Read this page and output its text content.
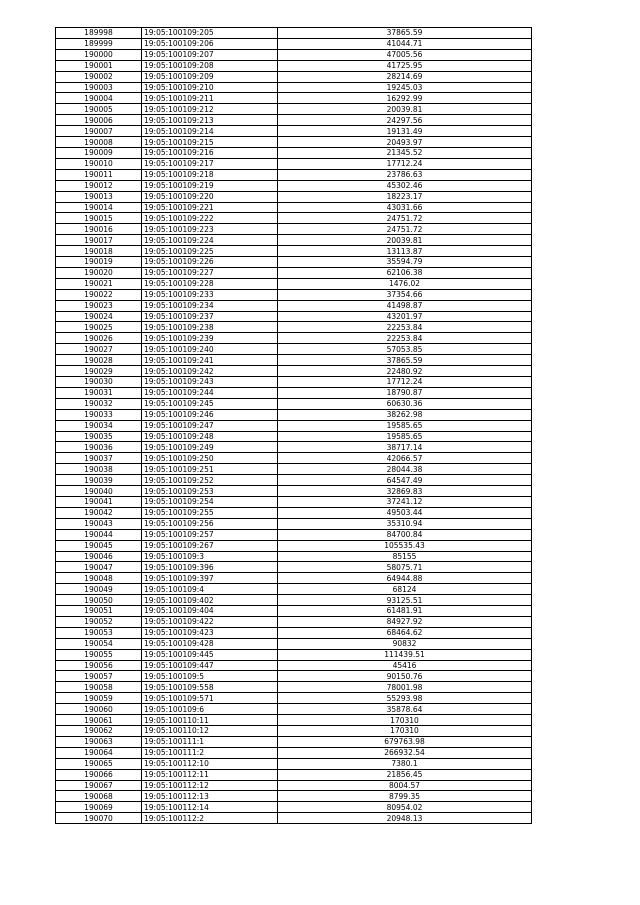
189998	19:05:100109:205	37865.59
189999	19:05:100109:206	41044.71
190000	19:05:100109:207	47005.56
190001	19:05:100109:208	41725.95
190002	19:05:100109:209	28214.69
190003	19:05:100109:210	19245.03
190004	19:05:100109:211	16292.99
190005	19:05:100109:212	20039.81
190006	19:05:100109:213	24297.56
190007	19:05:100109:214	19131.49
190008	19:05:100109:215	20493.97
190009	19:05:100109:216	21345.52
190010	19:05:100109:217	17712.24
190011	19:05:100109:218	23786.63
190012	19:05:100109:219	45302.46
190013	19:05:100109:220	18223.17
190014	19:05:100109:221	43031.66
190015	19:05:100109:222	24751.72
190016	19:05:100109:223	24751.72
190017	19:05:100109:224	20039.81
190018	19:05:100109:225	13113.87
190019	19:05:100109:226	35594.79
190020	19:05:100109:227	62106.38
190021	19:05:100109:228	1476.02
190022	19:05:100109:233	37354.66
190023	19:05:100109:234	41498.87
190024	19:05:100109:237	43201.97
190025	19:05:100109:238	22253.84
190026	19:05:100109:239	22253.84
190027	19:05:100109:240	57053.85
190028	19:05:100109:241	37865.59
190029	19:05:100109:242	22480.92
190030	19:05:100109:243	17712.24
190031	19:05:100109:244	18790.87
190032	19:05:100109:245	60630.36
190033	19:05:100109:246	38262.98
190034	19:05:100109:247	19585.65
190035	19:05:100109:248	19585.65
190036	19:05:100109:249	38717.14
190037	19:05:100109:250	42066.57
190038	19:05:100109:251	28044.38
190039	19:05:100109:252	64547.49
190040	19:05:100109:253	32869.83
190041	19:05:100109:254	37241.12
190042	19:05:100109:255	49503.44
190043	19:05:100109:256	35310.94
190044	19:05:100109:257	84700.84
190045	19:05:100109:267	105535.43
190046	19:05:100109:3	85155
190047	19:05:100109:396	58075.71
190048	19:05:100109:397	64944.88
190049	19:05:100109:4	68124
190050	19:05:100109:402	93125.51
190051	19:05:100109:404	61481.91
190052	19:05:100109:422	84927.92
190053	19:05:100109:423	68464.62
190054	19:05:100109:428	90832
190055	19:05:100109:445	111439.51
190056	19:05:100109:447	45416
190057	19:05:100109:5	90150.76
190058	19:05:100109:558	78001.98
190059	19:05:100109:571	55293.98
190060	19:05:100109:6	35878.64
190061	19:05:100110:11	170310
190062	19:05:100110:12	170310
190063	19:05:100111:1	679763.98
190064	19:05:100111:2	266932.54
190065	19:05:100112:10	7380.1
190066	19:05:100112:11	21856.45
190067	19:05:100112:12	8004.57
190068	19:05:100112:13	8799.35
190069	19:05:100112:14	80954.02
190070	19:05:100112:2	20948.13
